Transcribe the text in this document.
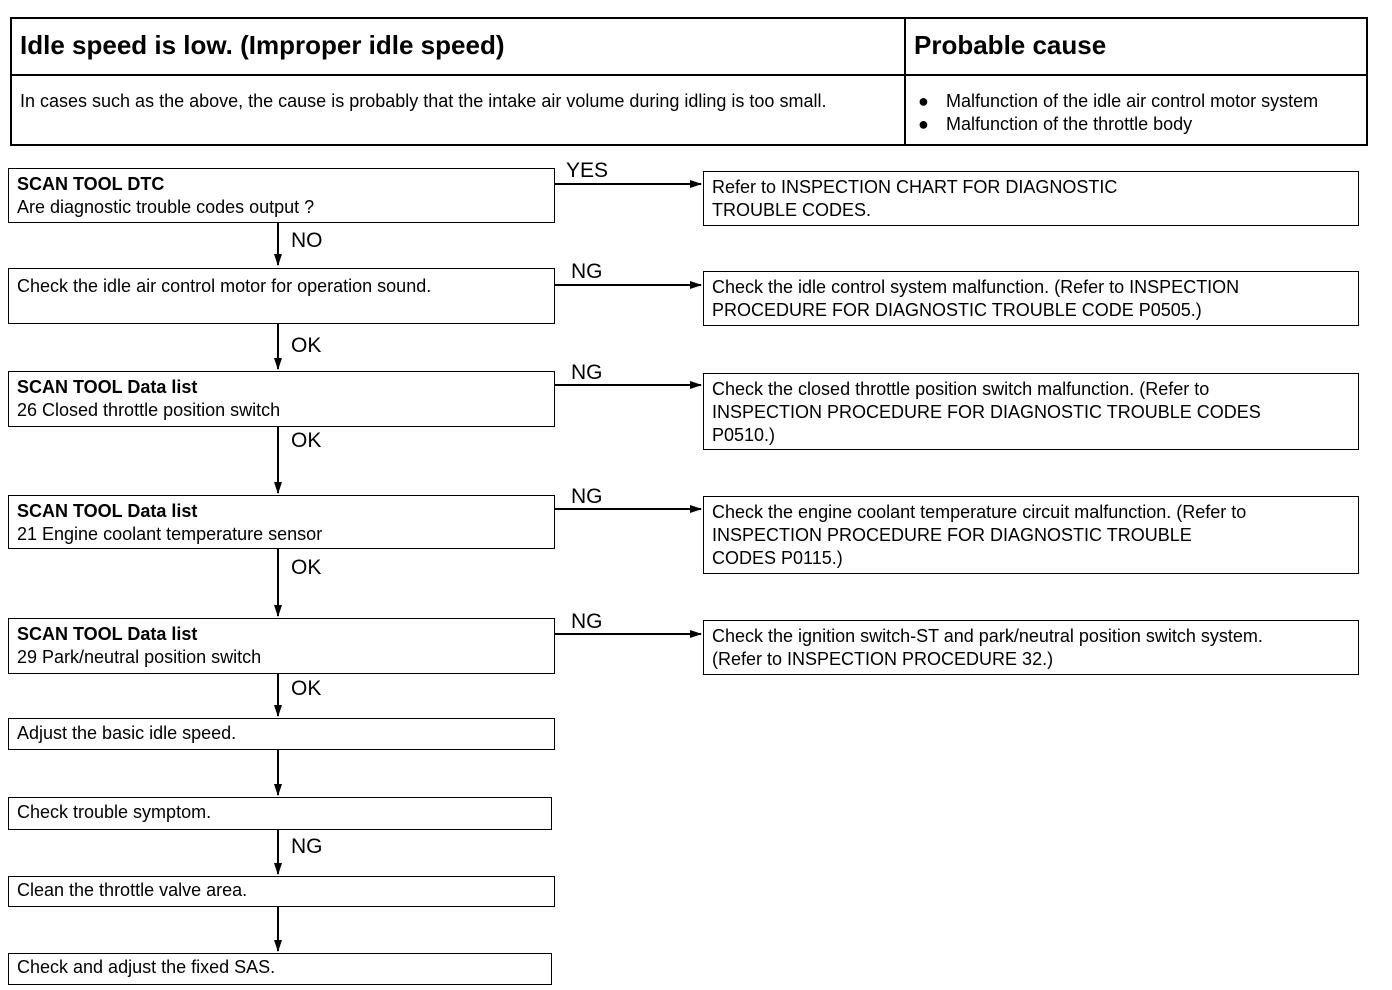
Idle speed is low. (Improper idle speed)	Probable cause
In cases such as the above, the cause is probably that the intake air volume during idling is too small.	● Malfunction of the idle air control motor system
● Malfunction of the throttle body
SCAN TOOL DTC
Are diagnostic trouble codes output ?
Check the idle air control motor for operation sound.
SCAN TOOL Data list
26 Closed throttle position switch
SCAN TOOL Data list
21 Engine coolant temperature sensor
SCAN TOOL Data list
29 Park/neutral position switch
Adjust the basic idle speed.
Check trouble symptom.
Clean the throttle valve area.
Check and adjust the fixed SAS.
Refer to INSPECTION CHART FOR DIAGNOSTIC
TROUBLE CODES.
Check the idle control system malfunction. (Refer to INSPECTION
PROCEDURE FOR DIAGNOSTIC TROUBLE CODE P0505.)
Check the closed throttle position switch malfunction. (Refer to
INSPECTION PROCEDURE FOR DIAGNOSTIC TROUBLE CODES
P0510.)
Check the engine coolant temperature circuit malfunction. (Refer to
INSPECTION PROCEDURE FOR DIAGNOSTIC TROUBLE
CODES P0115.)
Check the ignition switch-ST and park/neutral position switch system.
(Refer to INSPECTION PROCEDURE 32.)
YES
NG
NG
NG
NG
NO
OK
OK
OK
OK
NG
